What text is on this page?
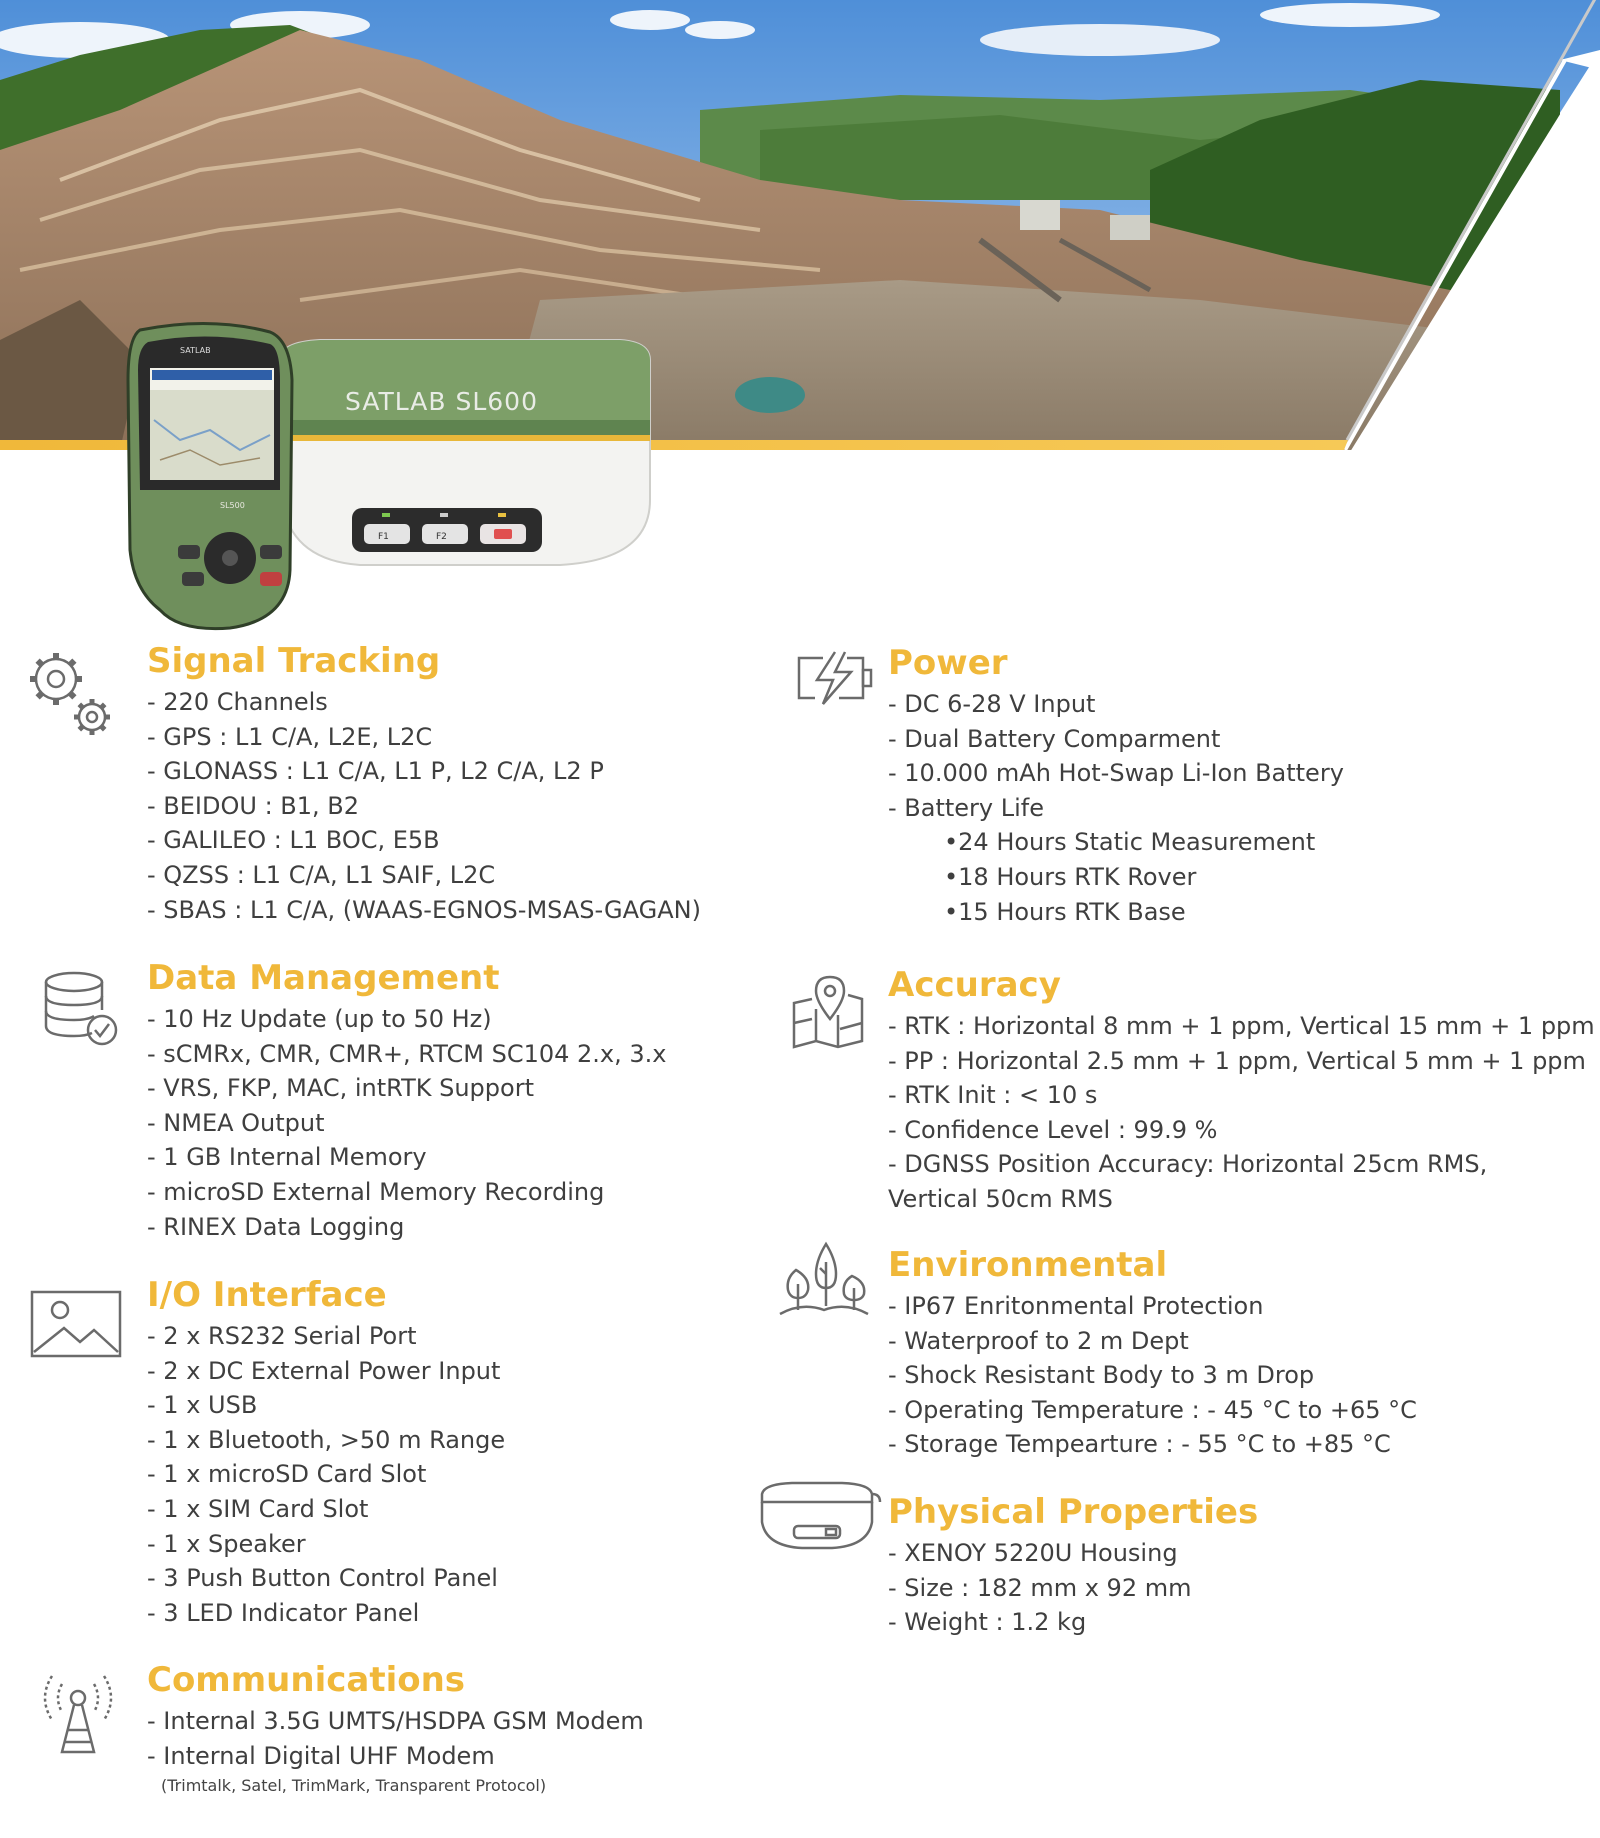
SATLAB SL600
F1	F2
SATLAB
SL500
Signal Tracking
- 220 Channels
- GPS : L1 C/A, L2E, L2C
- GLONASS : L1 C/A, L1 P, L2 C/A, L2 P
- BEIDOU : B1, B2
- GALILEO : L1 BOC, E5B
- QZSS : L1 C/A, L1 SAIF, L2C
- SBAS : L1 C/A, (WAAS-EGNOS-MSAS-GAGAN)
Data Management
- 10 Hz Update (up to 50 Hz)
- sCMRx, CMR, CMR+, RTCM SC104 2.x, 3.x
- VRS, FKP, MAC, intRTK Support
- NMEA Output
- 1 GB Internal Memory
- microSD External Memory Recording
- RINEX Data Logging
I/O Interface
- 2 x RS232 Serial Port
- 2 x DC External Power Input
- 1 x USB
- 1 x Bluetooth, >50 m Range
- 1 x microSD Card Slot
- 1 x SIM Card Slot
- 1 x Speaker
- 3 Push Button Control Panel
- 3 LED Indicator Panel
Communications
- Internal 3.5G UMTS/HSDPA GSM Modem
- Internal Digital UHF Modem
(Trimtalk, Satel, TrimMark, Transparent Protocol)
Power
- DC 6-28 V Input
- Dual Battery Comparment
- 10.000 mAh Hot-Swap Li-Ion Battery
- Battery Life
•24 Hours Static Measurement
•18 Hours RTK Rover
•15 Hours RTK Base
Accuracy
- RTK : Horizontal 8 mm + 1 ppm, Vertical 15 mm + 1 ppm
- PP : Horizontal 2.5 mm + 1 ppm, Vertical 5 mm + 1 ppm
- RTK Init : < 10 s
- Confidence Level : 99.9 %
- DGNSS Position Accuracy: Horizontal 25cm RMS, Vertical 50cm RMS
Environmental
- IP67 Enritonmental Protection
- Waterproof to 2 m Dept
- Shock Resistant Body to 3 m Drop
- Operating Temperature : - 45 °C to +65 °C
- Storage Tempearture : - 55 °C to +85 °C
Physical Properties
- XENOY 5220U Housing
- Size : 182 mm x 92 mm
- Weight : 1.2 kg
